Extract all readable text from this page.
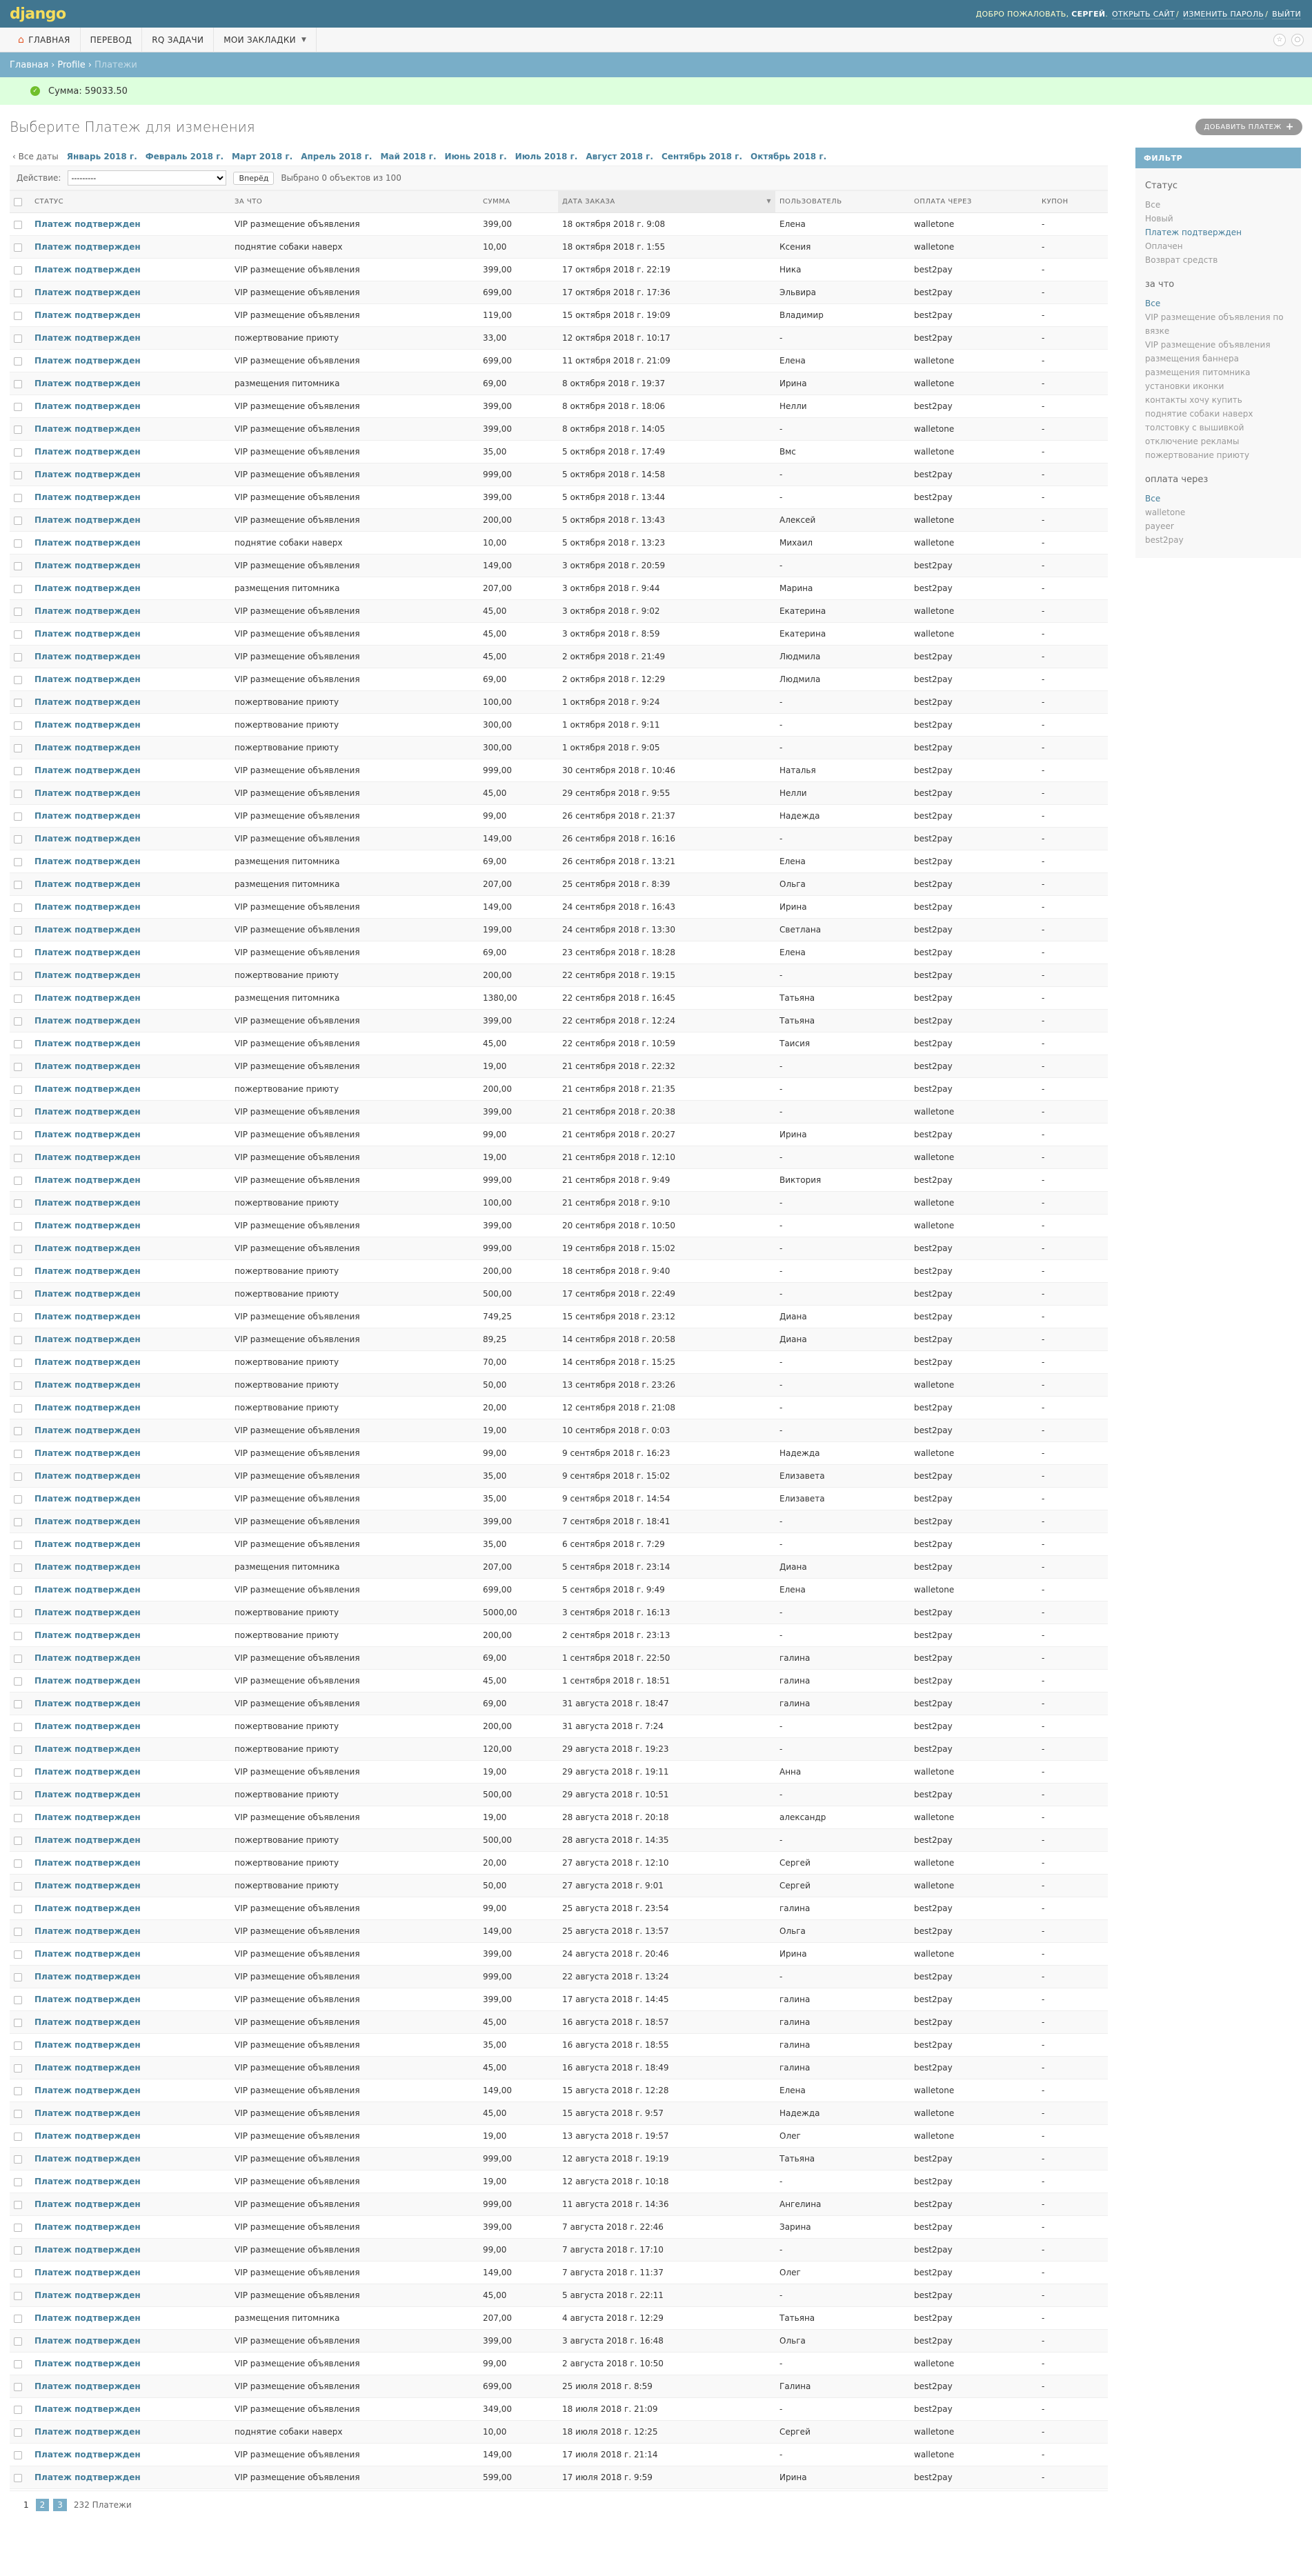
django	ДОБРО ПОЖАЛОВАТЬ, СЕРГЕЙ. ОТКРЫТЬ САЙТ / ИЗМЕНИТЬ ПАРОЛЬ / ВЫЙТИ
⌂ ГЛАВНАЯ ПЕРЕВОД RQ ЗАДАЧИ МОИ ЗАКЛАДКИ ▼	☆ ○
Главная › Profile › Платежи
✓ Сумма: 59033.50
Выберите Платеж для изменения	ДОБАВИТЬ ПЛАТЕЖ +
‹ Все даты Январь 2018 г. Февраль 2018 г. Март 2018 г. Апрель 2018 г. Май 2018 г. Июнь 2018 г. Июль 2018 г. Август 2018 г. Сентябрь 2018 г. Октябрь 2018 г.
Действие:
---------	Вперёд	Выбрано 0 объектов из 100
	СТАТУС	ЗА ЧТО	СУММА	ДАТА ЗАКАЗА ▼	ПОЛЬЗОВАТЕЛЬ	ОПЛАТА ЧЕРЕЗ	КУПОН
	Платеж подтвержден	VIP размещение объявления	399,00	18 октября 2018 г. 9:08	Елена	walletone	-
	Платеж подтвержден	поднятие собаки наверх	10,00	18 октября 2018 г. 1:55	Ксения	walletone	-
	Платеж подтвержден	VIP размещение объявления	399,00	17 октября 2018 г. 22:19	Ника	best2pay	-
	Платеж подтвержден	VIP размещение объявления	699,00	17 октября 2018 г. 17:36	Эльвира	best2pay	-
	Платеж подтвержден	VIP размещение объявления	119,00	15 октября 2018 г. 19:09	Владимир	best2pay	-
	Платеж подтвержден	пожертвование приюту	33,00	12 октября 2018 г. 10:17	-	best2pay	-
	Платеж подтвержден	VIP размещение объявления	699,00	11 октября 2018 г. 21:09	Елена	walletone	-
	Платеж подтвержден	размещения питомника	69,00	8 октября 2018 г. 19:37	Ирина	walletone	-
	Платеж подтвержден	VIP размещение объявления	399,00	8 октября 2018 г. 18:06	Нелли	best2pay	-
	Платеж подтвержден	VIP размещение объявления	399,00	8 октября 2018 г. 14:05	-	walletone	-
	Платеж подтвержден	VIP размещение объявления	35,00	5 октября 2018 г. 17:49	Вмс	walletone	-
	Платеж подтвержден	VIP размещение объявления	999,00	5 октября 2018 г. 14:58	-	best2pay	-
	Платеж подтвержден	VIP размещение объявления	399,00	5 октября 2018 г. 13:44	-	best2pay	-
	Платеж подтвержден	VIP размещение объявления	200,00	5 октября 2018 г. 13:43	Алексей	walletone	-
	Платеж подтвержден	поднятие собаки наверх	10,00	5 октября 2018 г. 13:23	Михаил	walletone	-
	Платеж подтвержден	VIP размещение объявления	149,00	3 октября 2018 г. 20:59	-	best2pay	-
	Платеж подтвержден	размещения питомника	207,00	3 октября 2018 г. 9:44	Марина	best2pay	-
	Платеж подтвержден	VIP размещение объявления	45,00	3 октября 2018 г. 9:02	Екатерина	walletone	-
	Платеж подтвержден	VIP размещение объявления	45,00	3 октября 2018 г. 8:59	Екатерина	walletone	-
	Платеж подтвержден	VIP размещение объявления	45,00	2 октября 2018 г. 21:49	Людмила	best2pay	-
	Платеж подтвержден	VIP размещение объявления	69,00	2 октября 2018 г. 12:29	Людмила	best2pay	-
	Платеж подтвержден	пожертвование приюту	100,00	1 октября 2018 г. 9:24	-	best2pay	-
	Платеж подтвержден	пожертвование приюту	300,00	1 октября 2018 г. 9:11	-	best2pay	-
	Платеж подтвержден	пожертвование приюту	300,00	1 октября 2018 г. 9:05	-	best2pay	-
	Платеж подтвержден	VIP размещение объявления	999,00	30 сентября 2018 г. 10:46	Наталья	best2pay	-
	Платеж подтвержден	VIP размещение объявления	45,00	29 сентября 2018 г. 9:55	Нелли	best2pay	-
	Платеж подтвержден	VIP размещение объявления	99,00	26 сентября 2018 г. 21:37	Надежда	best2pay	-
	Платеж подтвержден	VIP размещение объявления	149,00	26 сентября 2018 г. 16:16	-	best2pay	-
	Платеж подтвержден	размещения питомника	69,00	26 сентября 2018 г. 13:21	Елена	best2pay	-
	Платеж подтвержден	размещения питомника	207,00	25 сентября 2018 г. 8:39	Ольга	best2pay	-
	Платеж подтвержден	VIP размещение объявления	149,00	24 сентября 2018 г. 16:43	Ирина	best2pay	-
	Платеж подтвержден	VIP размещение объявления	199,00	24 сентября 2018 г. 13:30	Светлана	best2pay	-
	Платеж подтвержден	VIP размещение объявления	69,00	23 сентября 2018 г. 18:28	Елена	best2pay	-
	Платеж подтвержден	пожертвование приюту	200,00	22 сентября 2018 г. 19:15	-	best2pay	-
	Платеж подтвержден	размещения питомника	1380,00	22 сентября 2018 г. 16:45	Татьяна	best2pay	-
	Платеж подтвержден	VIP размещение объявления	399,00	22 сентября 2018 г. 12:24	Татьяна	best2pay	-
	Платеж подтвержден	VIP размещение объявления	45,00	22 сентября 2018 г. 10:59	Таисия	best2pay	-
	Платеж подтвержден	VIP размещение объявления	19,00	21 сентября 2018 г. 22:32	-	best2pay	-
	Платеж подтвержден	пожертвование приюту	200,00	21 сентября 2018 г. 21:35	-	best2pay	-
	Платеж подтвержден	VIP размещение объявления	399,00	21 сентября 2018 г. 20:38	-	walletone	-
	Платеж подтвержден	VIP размещение объявления	99,00	21 сентября 2018 г. 20:27	Ирина	best2pay	-
	Платеж подтвержден	VIP размещение объявления	19,00	21 сентября 2018 г. 12:10	-	walletone	-
	Платеж подтвержден	VIP размещение объявления	999,00	21 сентября 2018 г. 9:49	Виктория	best2pay	-
	Платеж подтвержден	пожертвование приюту	100,00	21 сентября 2018 г. 9:10	-	walletone	-
	Платеж подтвержден	VIP размещение объявления	399,00	20 сентября 2018 г. 10:50	-	walletone	-
	Платеж подтвержден	VIP размещение объявления	999,00	19 сентября 2018 г. 15:02	-	best2pay	-
	Платеж подтвержден	пожертвование приюту	200,00	18 сентября 2018 г. 9:40	-	best2pay	-
	Платеж подтвержден	пожертвование приюту	500,00	17 сентября 2018 г. 22:49	-	best2pay	-
	Платеж подтвержден	VIP размещение объявления	749,25	15 сентября 2018 г. 23:12	Диана	best2pay	-
	Платеж подтвержден	VIP размещение объявления	89,25	14 сентября 2018 г. 20:58	Диана	best2pay	-
	Платеж подтвержден	пожертвование приюту	70,00	14 сентября 2018 г. 15:25	-	best2pay	-
	Платеж подтвержден	пожертвование приюту	50,00	13 сентября 2018 г. 23:26	-	walletone	-
	Платеж подтвержден	пожертвование приюту	20,00	12 сентября 2018 г. 21:08	-	best2pay	-
	Платеж подтвержден	VIP размещение объявления	19,00	10 сентября 2018 г. 0:03	-	best2pay	-
	Платеж подтвержден	VIP размещение объявления	99,00	9 сентября 2018 г. 16:23	Надежда	walletone	-
	Платеж подтвержден	VIP размещение объявления	35,00	9 сентября 2018 г. 15:02	Елизавета	best2pay	-
	Платеж подтвержден	VIP размещение объявления	35,00	9 сентября 2018 г. 14:54	Елизавета	best2pay	-
	Платеж подтвержден	VIP размещение объявления	399,00	7 сентября 2018 г. 18:41	-	best2pay	-
	Платеж подтвержден	VIP размещение объявления	35,00	6 сентября 2018 г. 7:29	-	best2pay	-
	Платеж подтвержден	размещения питомника	207,00	5 сентября 2018 г. 23:14	Диана	best2pay	-
	Платеж подтвержден	VIP размещение объявления	699,00	5 сентября 2018 г. 9:49	Елена	walletone	-
	Платеж подтвержден	пожертвование приюту	5000,00	3 сентября 2018 г. 16:13	-	best2pay	-
	Платеж подтвержден	пожертвование приюту	200,00	2 сентября 2018 г. 23:13	-	best2pay	-
	Платеж подтвержден	VIP размещение объявления	69,00	1 сентября 2018 г. 22:50	галина	best2pay	-
	Платеж подтвержден	VIP размещение объявления	45,00	1 сентября 2018 г. 18:51	галина	best2pay	-
	Платеж подтвержден	VIP размещение объявления	69,00	31 августа 2018 г. 18:47	галина	best2pay	-
	Платеж подтвержден	пожертвование приюту	200,00	31 августа 2018 г. 7:24	-	best2pay	-
	Платеж подтвержден	пожертвование приюту	120,00	29 августа 2018 г. 19:23	-	best2pay	-
	Платеж подтвержден	VIP размещение объявления	19,00	29 августа 2018 г. 19:11	Анна	walletone	-
	Платеж подтвержден	пожертвование приюту	500,00	29 августа 2018 г. 10:51	-	best2pay	-
	Платеж подтвержден	VIP размещение объявления	19,00	28 августа 2018 г. 20:18	александр	walletone	-
	Платеж подтвержден	пожертвование приюту	500,00	28 августа 2018 г. 14:35	-	best2pay	-
	Платеж подтвержден	пожертвование приюту	20,00	27 августа 2018 г. 12:10	Сергей	walletone	-
	Платеж подтвержден	пожертвование приюту	50,00	27 августа 2018 г. 9:01	Сергей	walletone	-
	Платеж подтвержден	VIP размещение объявления	99,00	25 августа 2018 г. 23:54	галина	best2pay	-
	Платеж подтвержден	VIP размещение объявления	149,00	25 августа 2018 г. 13:57	Ольга	best2pay	-
	Платеж подтвержден	VIP размещение объявления	399,00	24 августа 2018 г. 20:46	Ирина	walletone	-
	Платеж подтвержден	VIP размещение объявления	999,00	22 августа 2018 г. 13:24	-	best2pay	-
	Платеж подтвержден	VIP размещение объявления	399,00	17 августа 2018 г. 14:45	галина	best2pay	-
	Платеж подтвержден	VIP размещение объявления	45,00	16 августа 2018 г. 18:57	галина	best2pay	-
	Платеж подтвержден	VIP размещение объявления	35,00	16 августа 2018 г. 18:55	галина	best2pay	-
	Платеж подтвержден	VIP размещение объявления	45,00	16 августа 2018 г. 18:49	галина	best2pay	-
	Платеж подтвержден	VIP размещение объявления	149,00	15 августа 2018 г. 12:28	Елена	walletone	-
	Платеж подтвержден	VIP размещение объявления	45,00	15 августа 2018 г. 9:57	Надежда	walletone	-
	Платеж подтвержден	VIP размещение объявления	19,00	13 августа 2018 г. 19:57	Олег	walletone	-
	Платеж подтвержден	VIP размещение объявления	999,00	12 августа 2018 г. 19:19	Татьяна	best2pay	-
	Платеж подтвержден	VIP размещение объявления	19,00	12 августа 2018 г. 10:18	-	best2pay	-
	Платеж подтвержден	VIP размещение объявления	999,00	11 августа 2018 г. 14:36	Ангелина	best2pay	-
	Платеж подтвержден	VIP размещение объявления	399,00	7 августа 2018 г. 22:46	Зарина	best2pay	-
	Платеж подтвержден	VIP размещение объявления	99,00	7 августа 2018 г. 17:10	-	best2pay	-
	Платеж подтвержден	VIP размещение объявления	149,00	7 августа 2018 г. 11:37	Олег	best2pay	-
	Платеж подтвержден	VIP размещение объявления	45,00	5 августа 2018 г. 22:11	-	best2pay	-
	Платеж подтвержден	размещения питомника	207,00	4 августа 2018 г. 12:29	Татьяна	best2pay	-
	Платеж подтвержден	VIP размещение объявления	399,00	3 августа 2018 г. 16:48	Ольга	best2pay	-
	Платеж подтвержден	VIP размещение объявления	99,00	2 августа 2018 г. 10:50	-	walletone	-
	Платеж подтвержден	VIP размещение объявления	699,00	25 июля 2018 г. 8:59	Галина	best2pay	-
	Платеж подтвержден	VIP размещение объявления	349,00	18 июля 2018 г. 21:09	-	best2pay	-
	Платеж подтвержден	поднятие собаки наверх	10,00	18 июля 2018 г. 12:25	Сергей	walletone	-
	Платеж подтвержден	VIP размещение объявления	149,00	17 июля 2018 г. 21:14	-	walletone	-
	Платеж подтвержден	VIP размещение объявления	599,00	17 июля 2018 г. 9:59	Ирина	best2pay	-
1	2	3	232 Платежи
ФИЛЬТР
Статус
Все
Новый
Платеж подтвержден
Оплачен
Возврат средств
за что
Все
VIP размещение объявления по вязке
VIP размещение объявления
размещения баннера
размещения питомника
установки иконки
контакты хочу купить
поднятие собаки наверх
толстовку с вышивкой
отключение рекламы
пожертвование приюту
оплата через
Все
walletone
payeer
best2pay
